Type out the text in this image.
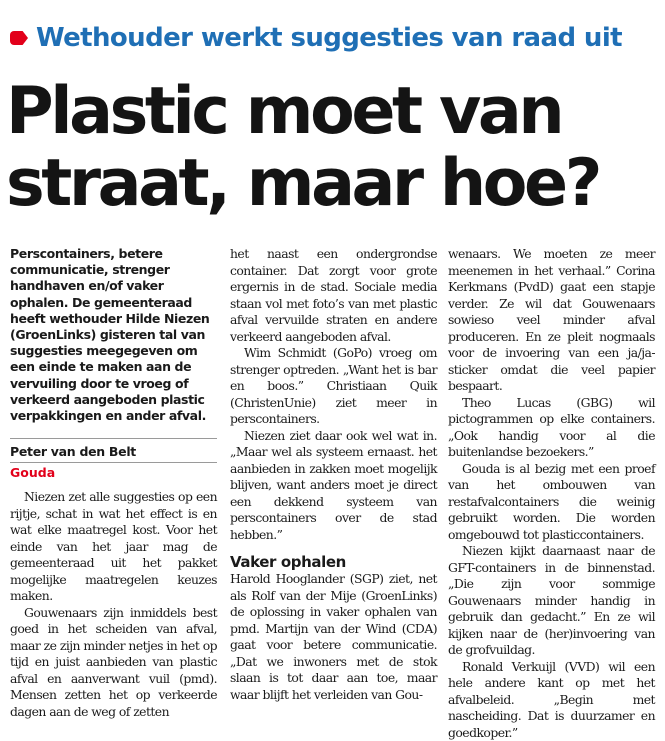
Wethouder werkt suggesties van raad uit
Plastic moet van
straat, maar hoe?

Perscontainers, betere communicatie, strenger handhaven en/of vaker ophalen. De gemeenteraad heeft wethouder Hilde Niezen (GroenLinks) gisteren tal van suggesties meegegeven om een einde te maken aan de vervuiling door te vroeg of verkeerd aangeboden plastic verpakkingen en ander afval.

Peter van den Belt
Gouda

Niezen zet alle suggesties op een rijtje, schat in wat het effect is en wat elke maatregel kost. Voor het einde van het jaar mag de gemeenteraad uit het pakket mogelijke maatregelen keuzes maken.

Gouwenaars zijn inmiddels best goed in het scheiden van afval, maar ze zijn minder netjes in het op tijd en juist aanbieden van plastic afval en aanverwant vuil (pmd). Mensen zetten het op verkeerde dagen aan de weg of zetten

het naast een ondergrondse container. Dat zorgt voor grote ergernis in de stad. Sociale media staan vol met foto’s van met plastic afval vervuilde straten en andere verkeerd aangeboden afval.

Wim Schmidt (GoPo) vroeg om strenger optreden. „Want het is bar en boos.” Christiaan Quik (ChristenUnie) ziet meer in perscontainers.

Niezen ziet daar ook wel wat in. „Maar wel als systeem ernaast. het aanbieden in zakken moet mogelijk blijven, want anders moet je direct een dekkend systeem van perscontainers over de stad hebben.”

Vaker ophalen

Harold Hooglander (SGP) ziet, net als Rolf van der Mije (GroenLinks) de oplossing in vaker ophalen van pmd. Martijn van der Wind (CDA) gaat voor betere communicatie. „Dat we inwoners met de stok slaan is tot daar aan toe, maar waar blijft het verleiden van Gou-

wenaars. We moeten ze meer meenemen in het verhaal.” Corina Kerkmans (PvdD) gaat een stapje verder. Ze wil dat Gouwenaars sowieso veel minder afval produceren. En ze pleit nogmaals voor de invoering van een ja/ja-sticker omdat die veel papier bespaart.

Theo Lucas (GBG) wil pictogrammen op elke containers. „Ook handig voor al die buitenlandse bezoekers.”

Gouda is al bezig met een proef van het ombouwen van restafvalcontainers die weinig gebruikt worden. Die worden omgebouwd tot plasticcontainers.

Niezen kijkt daarnaast naar de GFT-containers in de binnenstad. „Die zijn voor sommige Gouwenaars minder handig in gebruik dan gedacht.” En ze wil kijken naar de (her)invoering van de grofvuildag.

Ronald Verkuijl (VVD) wil een hele andere kant op met het afvalbeleid. „Begin met nascheiding. Dat is duurzamer en goedkoper.”
